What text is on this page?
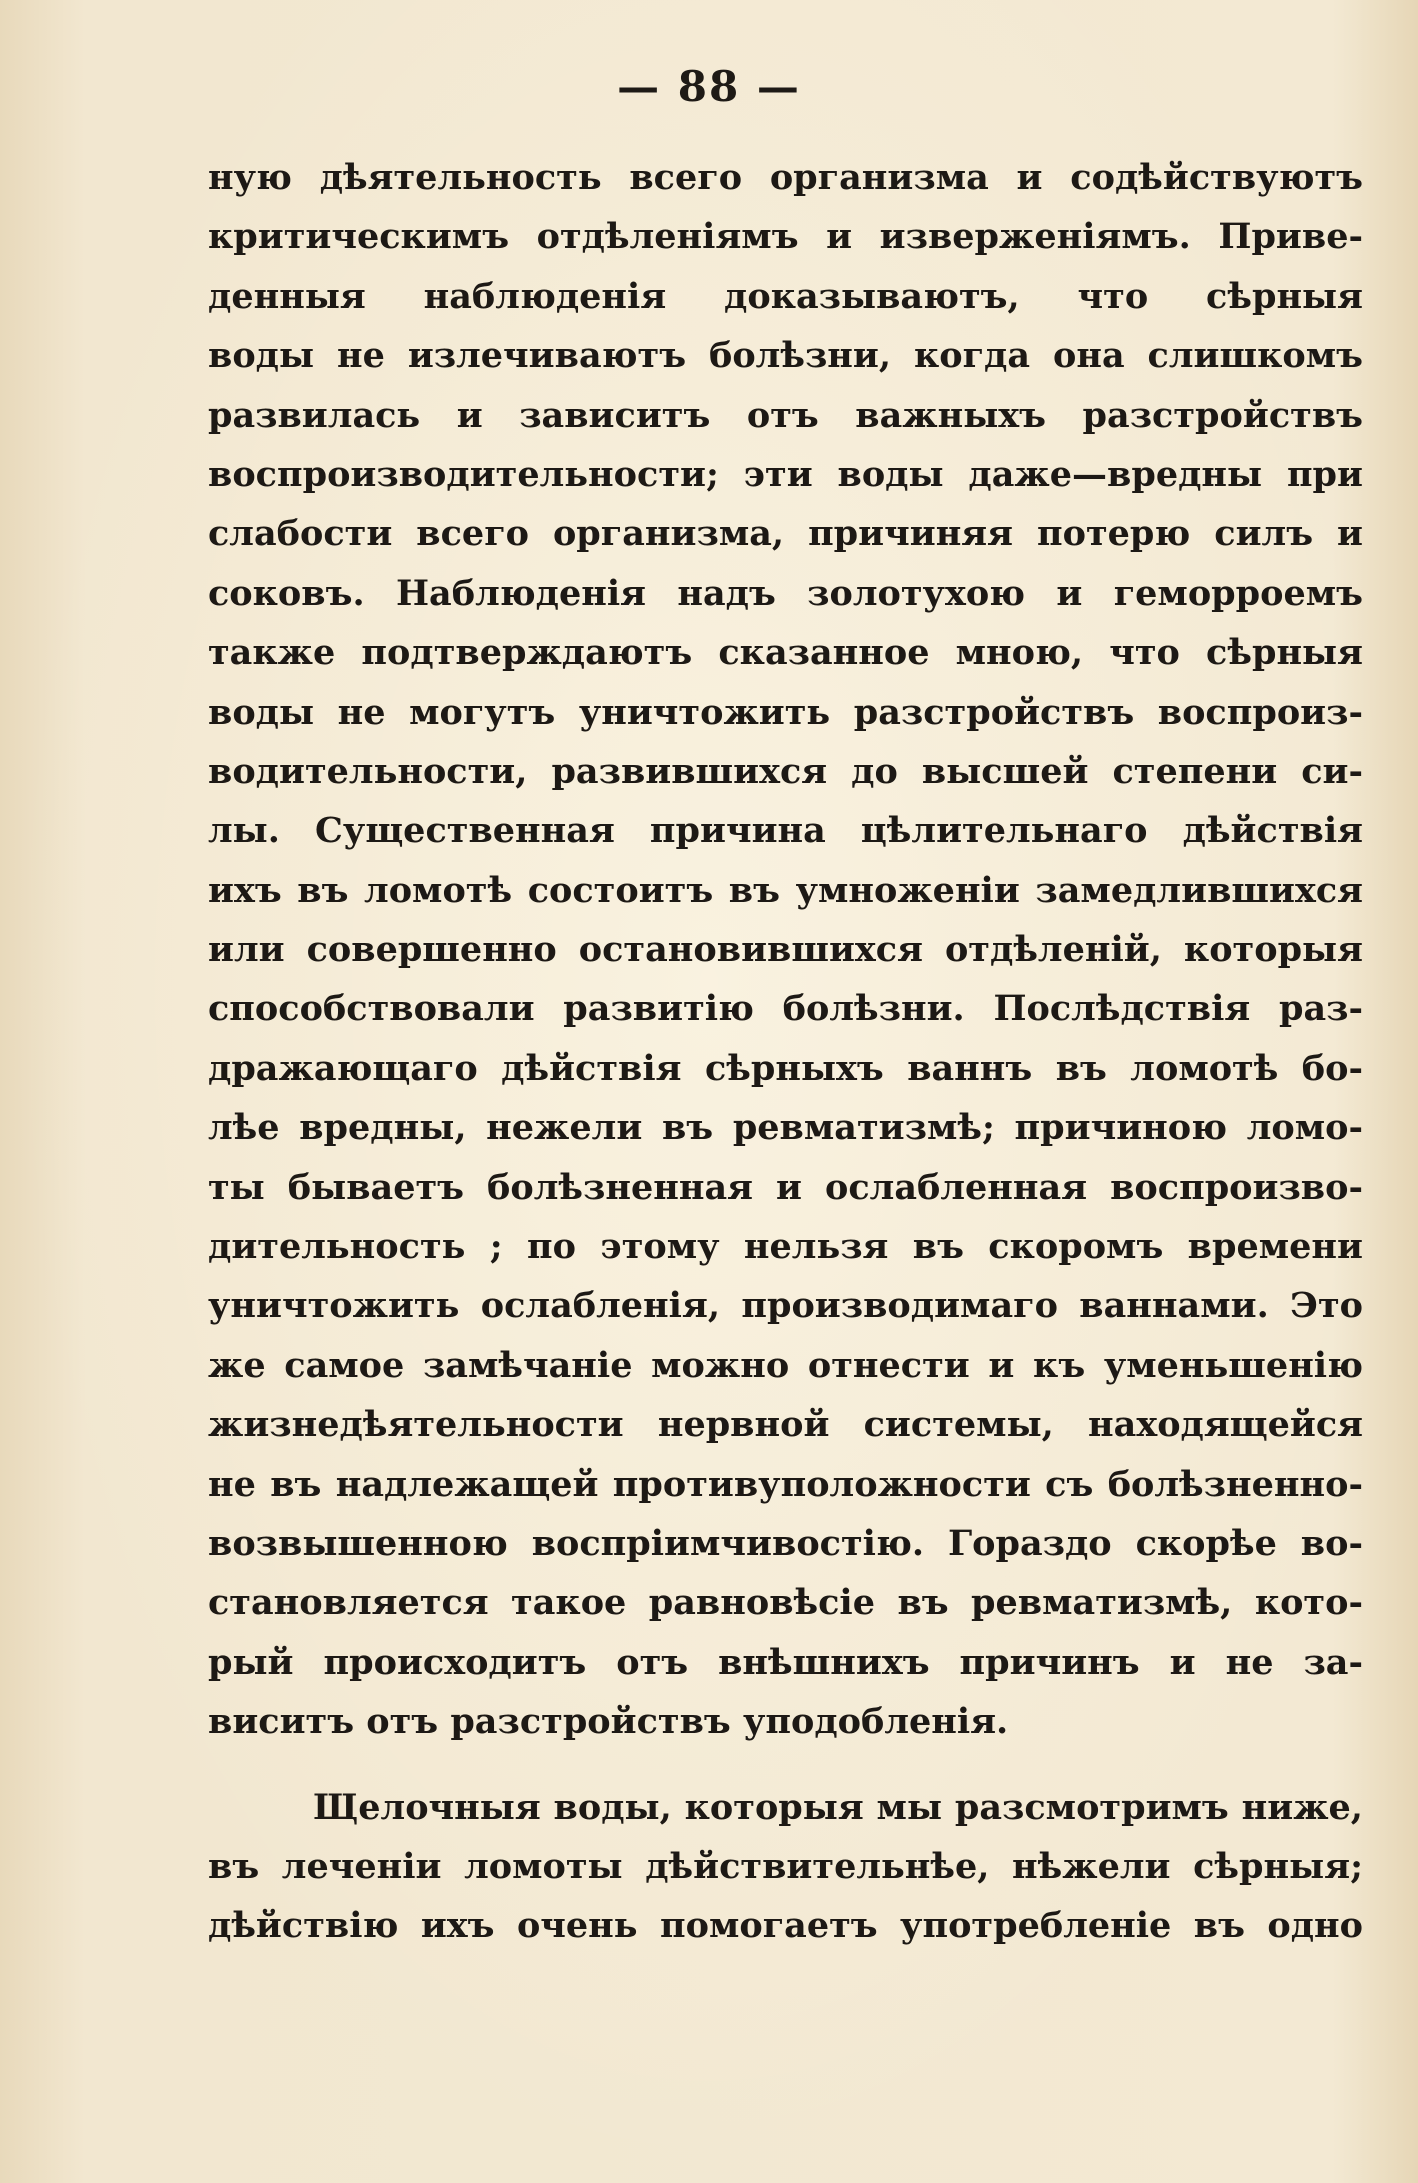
— 88 —
ную дѣятельность всего организма и содѣйствуютъ
критическимъ отдѣленіямъ и изверженіямъ. Приве-
денныя наблюденія доказываютъ, что сѣрныя
воды не излечиваютъ болѣзни, когда она слишкомъ
развилась и зависитъ отъ важныхъ разстройствъ
воспроизводительности; эти воды даже—вредны при
слабости всего организма, причиняя потерю силъ и
соковъ. Наблюденія надъ золотухою и геморроемъ
также подтверждаютъ сказанное мною, что сѣрныя
воды не могутъ уничтожить разстройствъ воспроиз-
водительности, развившихся до высшей степени си-
лы. Существенная причина цѣлительнаго дѣйствія
ихъ въ ломотѣ состоитъ въ умноженіи замедлившихся
или совершенно остановившихся отдѣленій, которыя
способствовали развитію болѣзни. Послѣдствія раз-
дражающаго дѣйствія сѣрныхъ ваннъ въ ломотѣ бо-
лѣе вредны, нежели въ ревматизмѣ; причиною ломо-
ты бываетъ болѣзненная и ослабленная воспроизво-
дительность ; по этому нельзя въ скоромъ времени
уничтожить ослабленія, производимаго ваннами. Это
же самое замѣчаніе можно отнести и къ уменьшенію
жизнедѣятельности нервной системы, находящейся
не въ надлежащей противуположности съ болѣзненно-
возвышенною воспріимчивостію. Гораздо скорѣе во-
становляется такое равновѣсіе въ ревматизмѣ, кото-
рый происходитъ отъ внѣшнихъ причинъ и не за-
виситъ отъ разстройствъ уподобленія.
Щелочныя воды, которыя мы разсмотримъ ниже,
въ леченіи ломоты дѣйствительнѣе, нѣжели сѣрныя;
дѣйствію ихъ очень помогаетъ употребленіе въ одно
